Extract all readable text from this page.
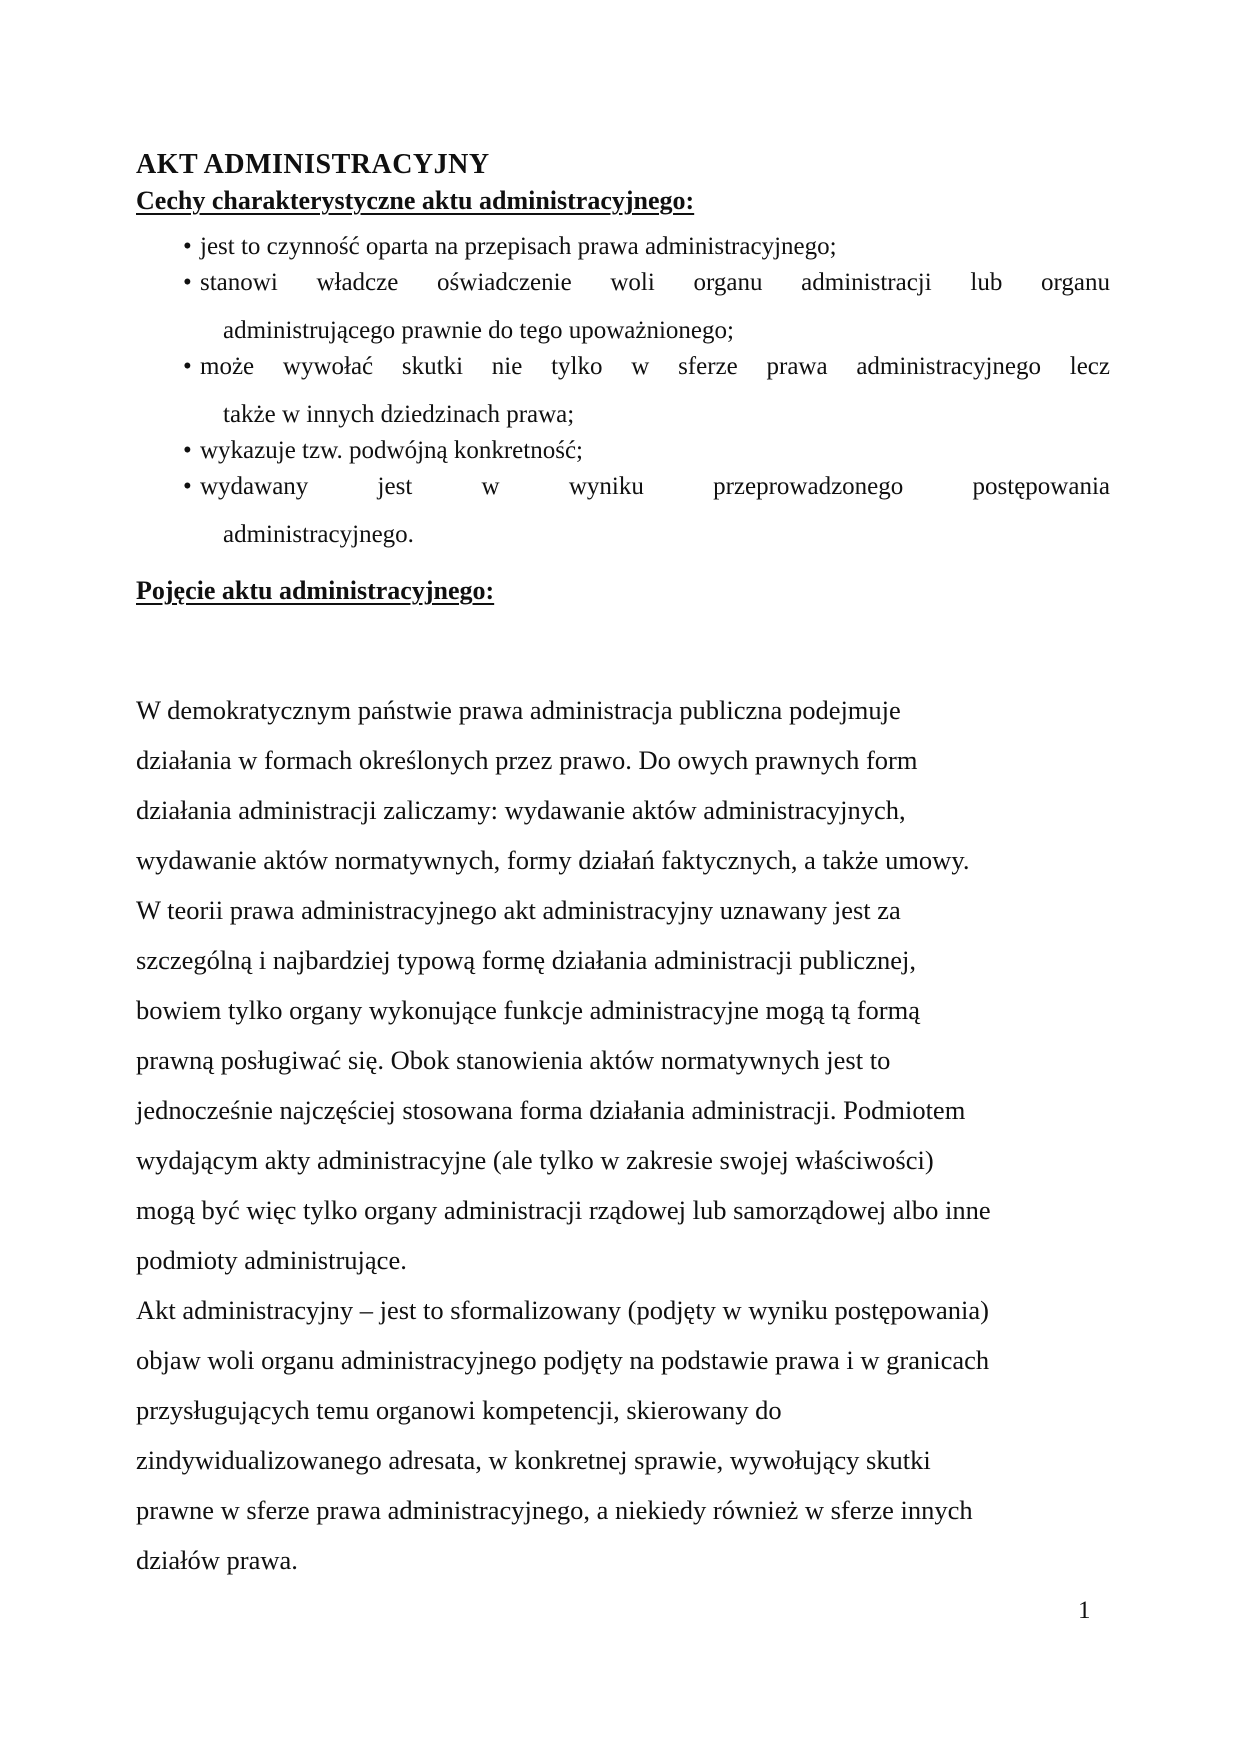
AKT ADMINISTRACYJNY
Cechy charakterystyczne aktu administracyjnego:
• jest to czynność oparta na przepisach prawa administracyjnego;
• stanowi władcze oświadczenie woli organu administracji lub organu
administrującego prawnie do tego upoważnionego;
• może wywołać skutki nie tylko w sferze prawa administracyjnego lecz
także w innych dziedzinach prawa;
• wykazuje tzw. podwójną konkretność;
• wydawany jest w wyniku przeprowadzonego postępowania
administracyjnego.
Pojęcie aktu administracyjnego:
W demokratycznym państwie prawa administracja publiczna podejmuje
działania w formach określonych przez prawo. Do owych prawnych form
działania administracji zaliczamy: wydawanie aktów administracyjnych,
wydawanie aktów normatywnych, formy działań faktycznych, a także umowy.
W teorii prawa administracyjnego akt administracyjny uznawany jest za
szczególną i najbardziej typową formę działania administracji publicznej,
bowiem tylko organy wykonujące funkcje administracyjne mogą tą formą
prawną posługiwać się. Obok stanowienia aktów normatywnych jest to
jednocześnie najczęściej stosowana forma działania administracji. Podmiotem
wydającym akty administracyjne (ale tylko w zakresie swojej właściwości)
mogą być więc tylko organy administracji rządowej lub samorządowej albo inne
podmioty administrujące.
Akt administracyjny – jest to sformalizowany (podjęty w wyniku postępowania)
objaw woli organu administracyjnego podjęty na podstawie prawa i w granicach
przysługujących temu organowi kompetencji, skierowany do
zindywidualizowanego adresata, w konkretnej sprawie, wywołujący skutki
prawne w sferze prawa administracyjnego, a niekiedy również w sferze innych
działów prawa.
1
